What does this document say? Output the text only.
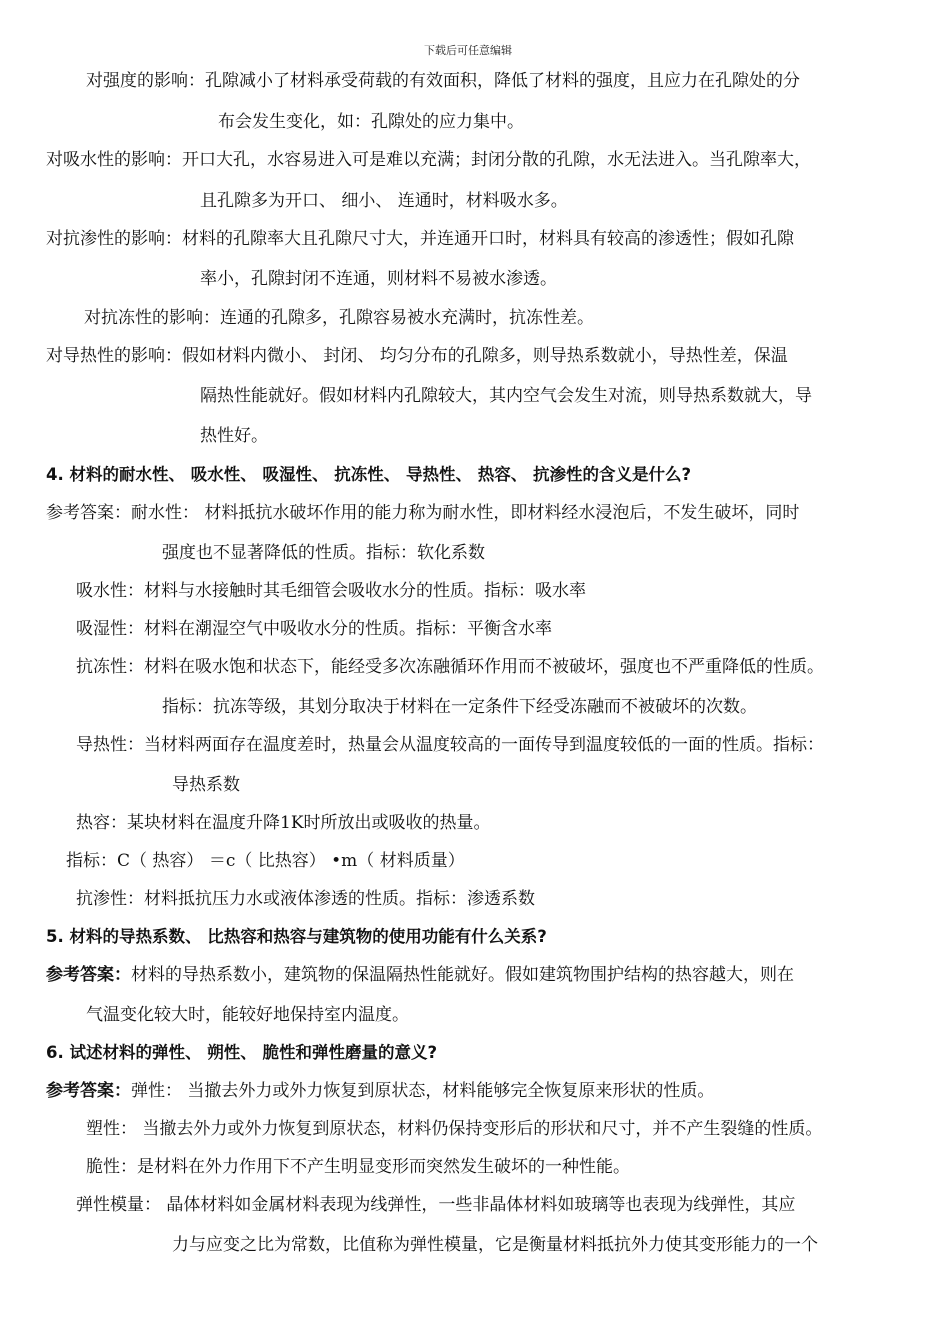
下载后可任意编辑
对强度的影响：孔隙减小了材料承受荷载的有效面积，降低了材料的强度，且应力在孔隙处的分
布会发生变化，如：孔隙处的应力集中。
对吸水性的影响：开口大孔，水容易进入可是难以充满；封闭分散的孔隙，水无法进入。当孔隙率大，
且孔隙多为开口、 细小、 连通时，材料吸水多。
对抗渗性的影响：材料的孔隙率大且孔隙尺寸大，并连通开口时，材料具有较高的渗透性；假如孔隙
率小，孔隙封闭不连通，则材料不易被水渗透。
对抗冻性的影响：连通的孔隙多，孔隙容易被水充满时，抗冻性差。
对导热性的影响：假如材料内微小、 封闭、 均匀分布的孔隙多，则导热系数就小，导热性差，保温
隔热性能就好。假如材料内孔隙较大，其内空气会发生对流，则导热系数就大，导
热性好。
4. 材料的耐水性、 吸水性、 吸湿性、 抗冻性、 导热性、 热容、 抗渗性的含义是什么?
参考答案：耐水性： 材料抵抗水破坏作用的能力称为耐水性，即材料经水浸泡后，不发生破坏，同时
强度也不显著降低的性质。指标：软化系数
吸水性：材料与水接触时其毛细管会吸收水分的性质。指标：吸水率
吸湿性：材料在潮湿空气中吸收水分的性质。指标：平衡含水率
抗冻性：材料在吸水饱和状态下，能经受多次冻融循环作用而不被破坏，强度也不严重降低的性质。
指标：抗冻等级，其划分取决于材料在一定条件下经受冻融而不被破坏的次数。
导热性：当材料两面存在温度差时，热量会从温度较高的一面传导到温度较低的一面的性质。指标：
导热系数
热容：某块材料在温度升降1K时所放出或吸收的热量。
指标：C（ 热容） ＝c（ 比热容） •m（ 材料质量）
抗渗性：材料抵抗压力水或液体渗透的性质。指标：渗透系数
5. 材料的导热系数、 比热容和热容与建筑物的使用功能有什么关系?
参考答案：材料的导热系数小，建筑物的保温隔热性能就好。假如建筑物围护结构的热容越大，则在
气温变化较大时，能较好地保持室内温度。
6. 试述材料的弹性、 朔性、 脆性和弹性磨量的意义?
参考答案：弹性： 当撤去外力或外力恢复到原状态，材料能够完全恢复原来形状的性质。
塑性： 当撤去外力或外力恢复到原状态，材料仍保持变形后的形状和尺寸，并不产生裂缝的性质。
脆性：是材料在外力作用下不产生明显变形而突然发生破坏的一种性能。
弹性模量： 晶体材料如金属材料表现为线弹性，一些非晶体材料如玻璃等也表现为线弹性，其应
力与应变之比为常数，比值称为弹性模量，它是衡量材料抵抗外力使其变形能力的一个
